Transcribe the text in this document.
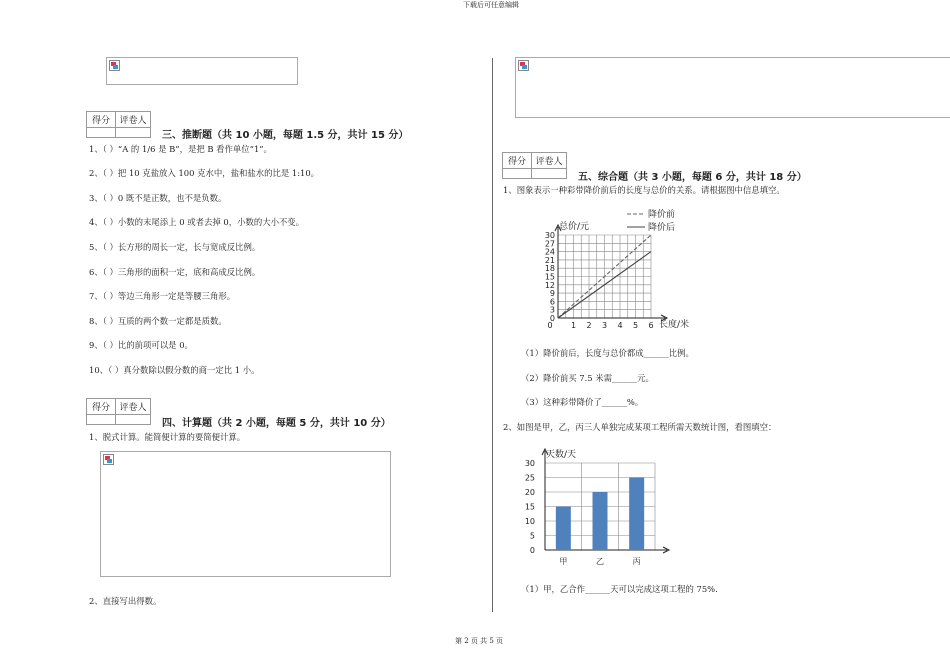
下载后可任意编辑
第 2 页 共 5 页
得分	评卷人

三、推断题（共 10 小题，每题 1.5 分，共计 15 分）
1、（ ）“A 的 1/6 是 B”，是把 B 看作单位“1”。
2、（ ）把 10 克盐放入 100 克水中，盐和盐水的比是 1:10。
3、（ ）0 既不是正数，也不是负数。
4、（ ）小数的末尾添上 0 或者去掉 0，小数的大小不变。
5、（ ）长方形的周长一定，长与宽成反比例。
6、（ ）三角形的面积一定，底和高成反比例。
7、（ ）等边三角形一定是等腰三角形。
8、（ ）互质的两个数一定都是质数。
9、（ ）比的前项可以是 0。
10、（ ）真分数除以假分数的商一定比 1 小。
得分	评卷人

四、计算题（共 2 小题，每题 5 分，共计 10 分）
1、脱式计算。能简便计算的要简便计算。
2、直接写出得数。
得分	评卷人

五、综合题（共 3 小题，每题 6 分，共计 18 分）
1、图象表示一种彩带降价前后的长度与总价的关系。请根据图中信息填空。
0
3
6
9
12
15
18
21
24
27
30
0 1 2 3 4 5 6
总价/元
长度/米
降价前
降价后
（1）降价前后，长度与总价都成______比例。
（2）降价前买 7.5 米需______元。
（3）这种彩带降价了______%。
2、如图是甲，乙，丙三人单独完成某项工程所需天数统计图，看图填空：
0
5
10
15
20
25
30
甲	乙	丙
天数/天
（1）甲，乙合作______天可以完成这项工程的 75%.
